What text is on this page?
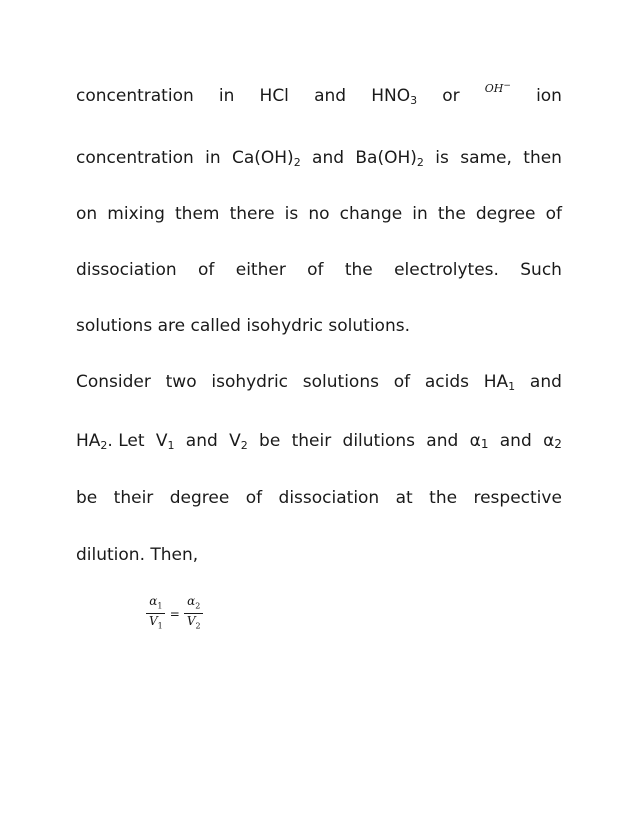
concentration in HCl and HNO3 or OH− ion
concentration in Ca(OH)2 and Ba(OH)2 is same, then
on mixing them there is no change in the degree of
dissociation of either of the electrolytes. Such
solutions are called isohydric solutions.
Consider two isohydric solutions of acids HA1 and
HA2. Let V1 and V2 be their dilutions and α1 and α2
be their degree of dissociation at the respective
dilution. Then,
$\frac{\alpha_1}{V_1} = \frac{\alpha_2}{V_2}$
